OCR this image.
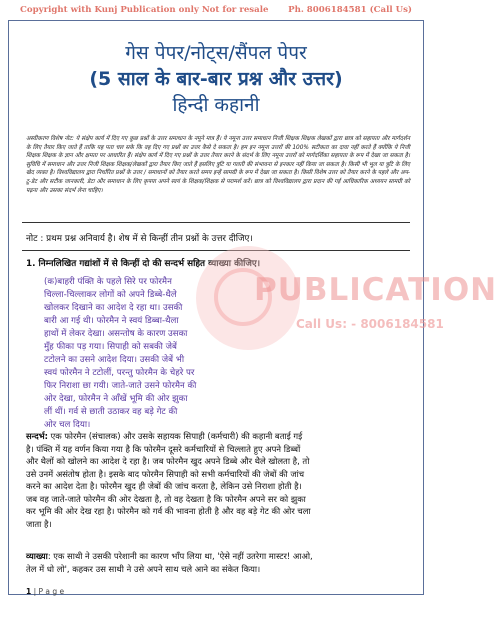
Copyright with Kunj Publication only Not for resale Ph. 8006184581 (Call Us)
गेस पेपर/नोट्स/सैंपल पेपर
(5 साल के बार-बार प्रश्न और उत्तर)
हिन्दी कहानी
अस्वीकरण विशेष नोट: ये संक्षेप कार्य में दिए गए कुछ प्रश्नों के उत्तर समाधान के नमूने मात्र हैं। ये नमूना उत्तर समाधान निजी शिक्षक शिक्षक लेखकों द्वारा छात्र को सहायता और मार्गदर्शन के लिए तैयार किए जाते हैं ताकि यह पता चल सके कि वह दिए गए प्रश्नों का उत्तर कैसे दे सकता है। हम इन नमूना उत्तरों की 100% सटीकता का दावा नहीं करते हैं क्योंकि ये निजी शिक्षक शिक्षक के ज्ञान और क्षमता पर आधारित हैं। संक्षेप कार्य में दिए गए प्रश्नों के उत्तर तैयार करने के संदर्भ के लिए नमूना उत्तरों को मार्गदर्शिका सहायता के रूप में देखा जा सकता है। सुविधि में समाधान और उत्तर निजी शिक्षक शिक्षक/लेखकों द्वारा तैयार किए जाते हैं इसलिए त्रुटि या गलती की संभावना से इनकार नहीं किया जा सकता है। किसी भी भूल या त्रुटि के लिए खेद व्यक्त है। विश्वविद्यालय द्वारा निर्धारित प्रश्नों के उत्तर / समाधानों को तैयार करते समय इन्हें सामग्री के रूप में देखा जा सकता है। किसी विशेष उत्तर को तैयार करने के पहले और अप-टू-डेट और सटीक जानकारी, डेटा और समाधान के लिए कृपया अपने स्वयं के शिक्षक/शिक्षक से परामर्श करें। छात्र को विश्वविद्यालय द्वारा प्रदान की गई आधिकारिक अध्ययन सामग्री को पढ़ना और उसका संदर्भ लेना चाहिए।
नोट : प्रथम प्रश्न अनिवार्य है। शेष में से किन्हीं तीन प्रश्नों के उत्तर दीजिए।
1. निम्नलिखित गद्यांशों में से किन्हीं दो की सन्दर्भ सहित व्याख्या कीजिए।
PUBLICATION
Call Us: - 8006184581
(क)बाहरी पंक्ति के पहले सिरे पर फोरमैन
चिल्ला-चिल्लाकर लोगों को अपने डिब्बे-थैले
खोलकर दिखाने का आदेश दे रहा था। उसकी
बारी आ गई थी। फोरमैन ने स्वयं डिब्बा-थैला
हाथों में लेकर देखा। असन्तोष के कारण उसका
मुँह फीका पड़ गया। सिपाही को सबकी जेबें
टटोलने का उसने आदेश दिया। उसकी जेबें भी
स्वयं फोरमैन ने टटोलीं, परन्तु फोरमैन के चेहरे पर
फिर निराशा छा गयी। जाते-जाते उसने फोरमैन की
ओर देखा, फोरमैन ने आँखें भूमि की ओर झुका
लीं थीं। गर्व से छाती उठाकर वह बड़े गेट की
ओर चल दिया।
सन्दर्भ: एक फोरमैन (संचालक) और उसके सहायक सिपाही (कर्मचारी) की कहानी बताई गई
है। पंक्ति में यह वर्णन किया गया है कि फोरमैन दूसरे कर्मचारियों से चिल्लाते हुए अपने डिब्बों
और थैलों को खोलने का आदेश दे रहा है। जब फोरमैन खुद अपने डिब्बे और थैले खोलता है, तो
उसे उनमें असंतोष होता है। इसके बाद फोरमैन सिपाही को सभी कर्मचारियों की जेबों की जांच
करने का आदेश देता है। फोरमैन खुद ही जेबों की जांच करता है, लेकिन उसे निराशा होती है।
जब वह जाते-जाते फोरमैन की ओर देखता है, तो वह देखता है कि फोरमैन अपने सर को झुका
कर भूमि की ओर देख रहा है। फोरमैन को गर्व की भावना होती है और वह बड़े गेट की ओर चला
जाता है।
व्याख्या: एक साथी ने उसकी परेशानी का कारण भाँप लिया था, 'ऐसे नहीं उतरेगा मास्टर! आओ,
तेल में धो लो', कहकर उस साथी ने उसे अपने साथ चले आने का संकेत किया।
1 | P a g e
